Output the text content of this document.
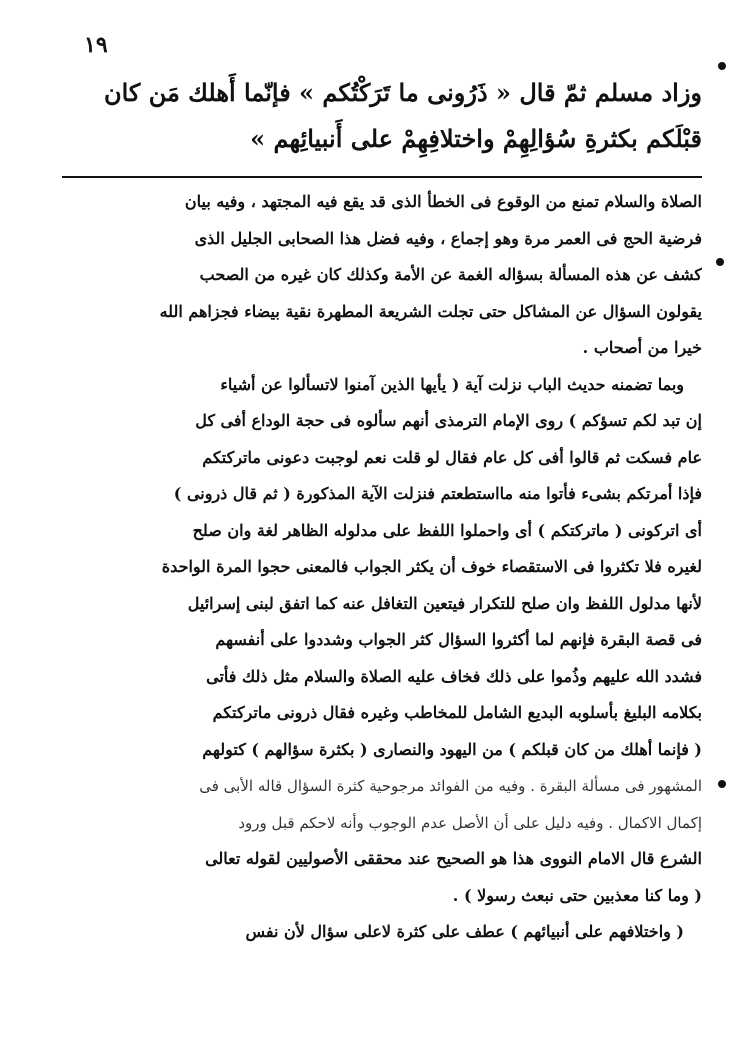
١٩
وزاد مسلم ثمّ قال « ذَرُونى ما تَرَكْتُكم » فإنّما أَهلك مَن كان
قبْلَكم بكثرةِ سُؤالِهِمْ واختلافِهِمْ على أَنبيائِهم »
الصلاة والسلام تمنع من الوقوع فى الخطأ الذى قد يقع فيه المجتهد ، وفيه بيان
فرضية الحج فى العمر مرة وهو إجماع ، وفيه فضل هذا الصحابى الجليل الذى
كشف عن هذه المسألة بسؤاله الغمة عن الأمة وكذلك كان غيره من الصحب
يقولون السؤال عن المشاكل حتى تجلت الشريعة المطهرة نقية بيضاء فجزاهم الله
خيرا من أصحاب .
وبما تضمنه حديث الباب نزلت آية ( يأيها الذين آمنوا لاتسألوا عن أشياء
إن تبد لكم تسؤكم ) روى الإمام الترمذى أنهم سألوه فى حجة الوداع أفى كل
عام فسكت ثم قالوا أفى كل عام فقال لو قلت نعم لوجبت دعونى ماتركتكم
فإذا أمرتكم بشىء فأتوا منه مااستطعتم فنزلت الآية المذكورة ( ثم قال ذرونى )
أى اتركونى ( ماتركتكم ) أى واحملوا اللفظ على مدلوله الظاهر لغة وان صلح
لغيره فلا تكثروا فى الاستقصاء خوف أن يكثر الجواب فالمعنى حجوا المرة الواحدة
لأنها مدلول اللفظ وان صلح للتكرار فيتعين التغافل عنه كما اتفق لبنى إسرائيل
فى قصة البقرة فإنهم لما أكثروا السؤال كثر الجواب وشددوا على أنفسهم
فشدد الله عليهم وذُموا على ذلك فخاف عليه الصلاة والسلام مثل ذلك فأتى
بكلامه البليغ بأسلوبه البديع الشامل للمخاطب وغيره فقال ذرونى ماتركتكم
( فإنما أهلك من كان قبلكم ) من اليهود والنصارى ( بكثرة سؤالهم ) كتولهم
المشهور فى مسألة البقرة . وفيه من الفوائد مرجوحية كثرة السؤال قاله الأبى فى
إكمال الاكمال . وفيه دليل على أن الأصل عدم الوجوب وأنه لاحكم قبل ورود
الشرع قال الامام النووى هذا هو الصحيح عند محققى الأصوليين لقوله تعالى
( وما كنا معذبين حتى نبعث رسولا ) .
( واختلافهم على أنبيائهم ) عطف على كثرة لاعلى سؤال لأن نفس
